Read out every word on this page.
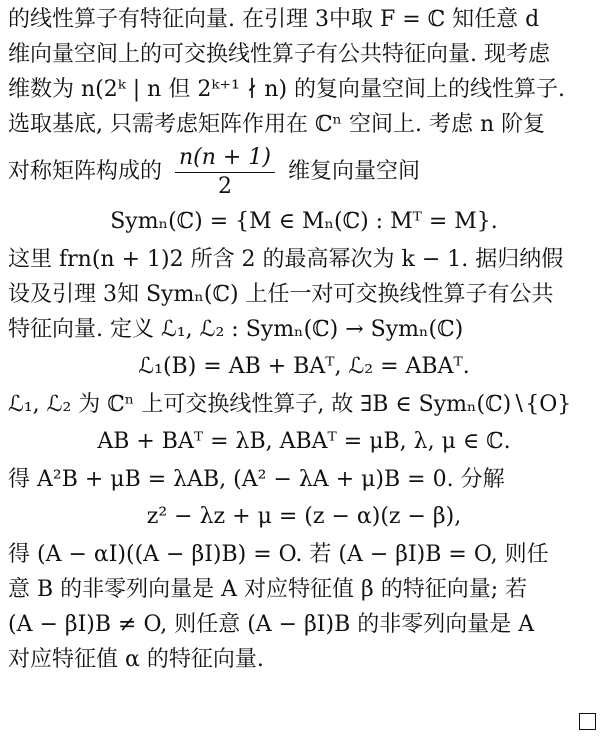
的线性算子有特征向量. 在引理 3中取 F = ℂ 知任意 d
维向量空间上的可交换线性算子有公共特征向量. 现考虑
维数为 n(2ᵏ | n 但 2ᵏ⁺¹ ∤ n) 的复向量空间上的线性算子.
选取基底, 只需考虑矩阵作用在 ℂⁿ 空间上. 考虑 n 阶复
对称矩阵构成的 $\frac{n(n + 1)}{2}$ 维复向量空间
Symₙ(ℂ) = {M ∈ Mₙ(ℂ) : Mᵀ = M}.
这里 frn(n + 1)2 所含 2 的最高幂次为 k − 1. 据归纳假
设及引理 3知 Symₙ(ℂ) 上任一对可交换线性算子有公共
特征向量. 定义 ℒ₁, ℒ₂ : Symₙ(ℂ) → Symₙ(ℂ)
ℒ₁(B) = AB + BAᵀ, ℒ₂ = ABAᵀ.
ℒ₁, ℒ₂ 为 ℂⁿ 上可交换线性算子, 故 ∃B ∈ Symₙ(ℂ)∖{O}
AB + BAᵀ = λB, ABAᵀ = μB, λ, μ ∈ ℂ.
得 A²B + μB = λAB, (A² − λA + μ)B = 0. 分解
z² − λz + μ = (z − α)(z − β),
得 (A − αI)((A − βI)B) = O. 若 (A − βI)B = O, 则任
意 B 的非零列向量是 A 对应特征值 β 的特征向量; 若
(A − βI)B ≠ O, 则任意 (A − βI)B 的非零列向量是 A
对应特征值 α 的特征向量.
